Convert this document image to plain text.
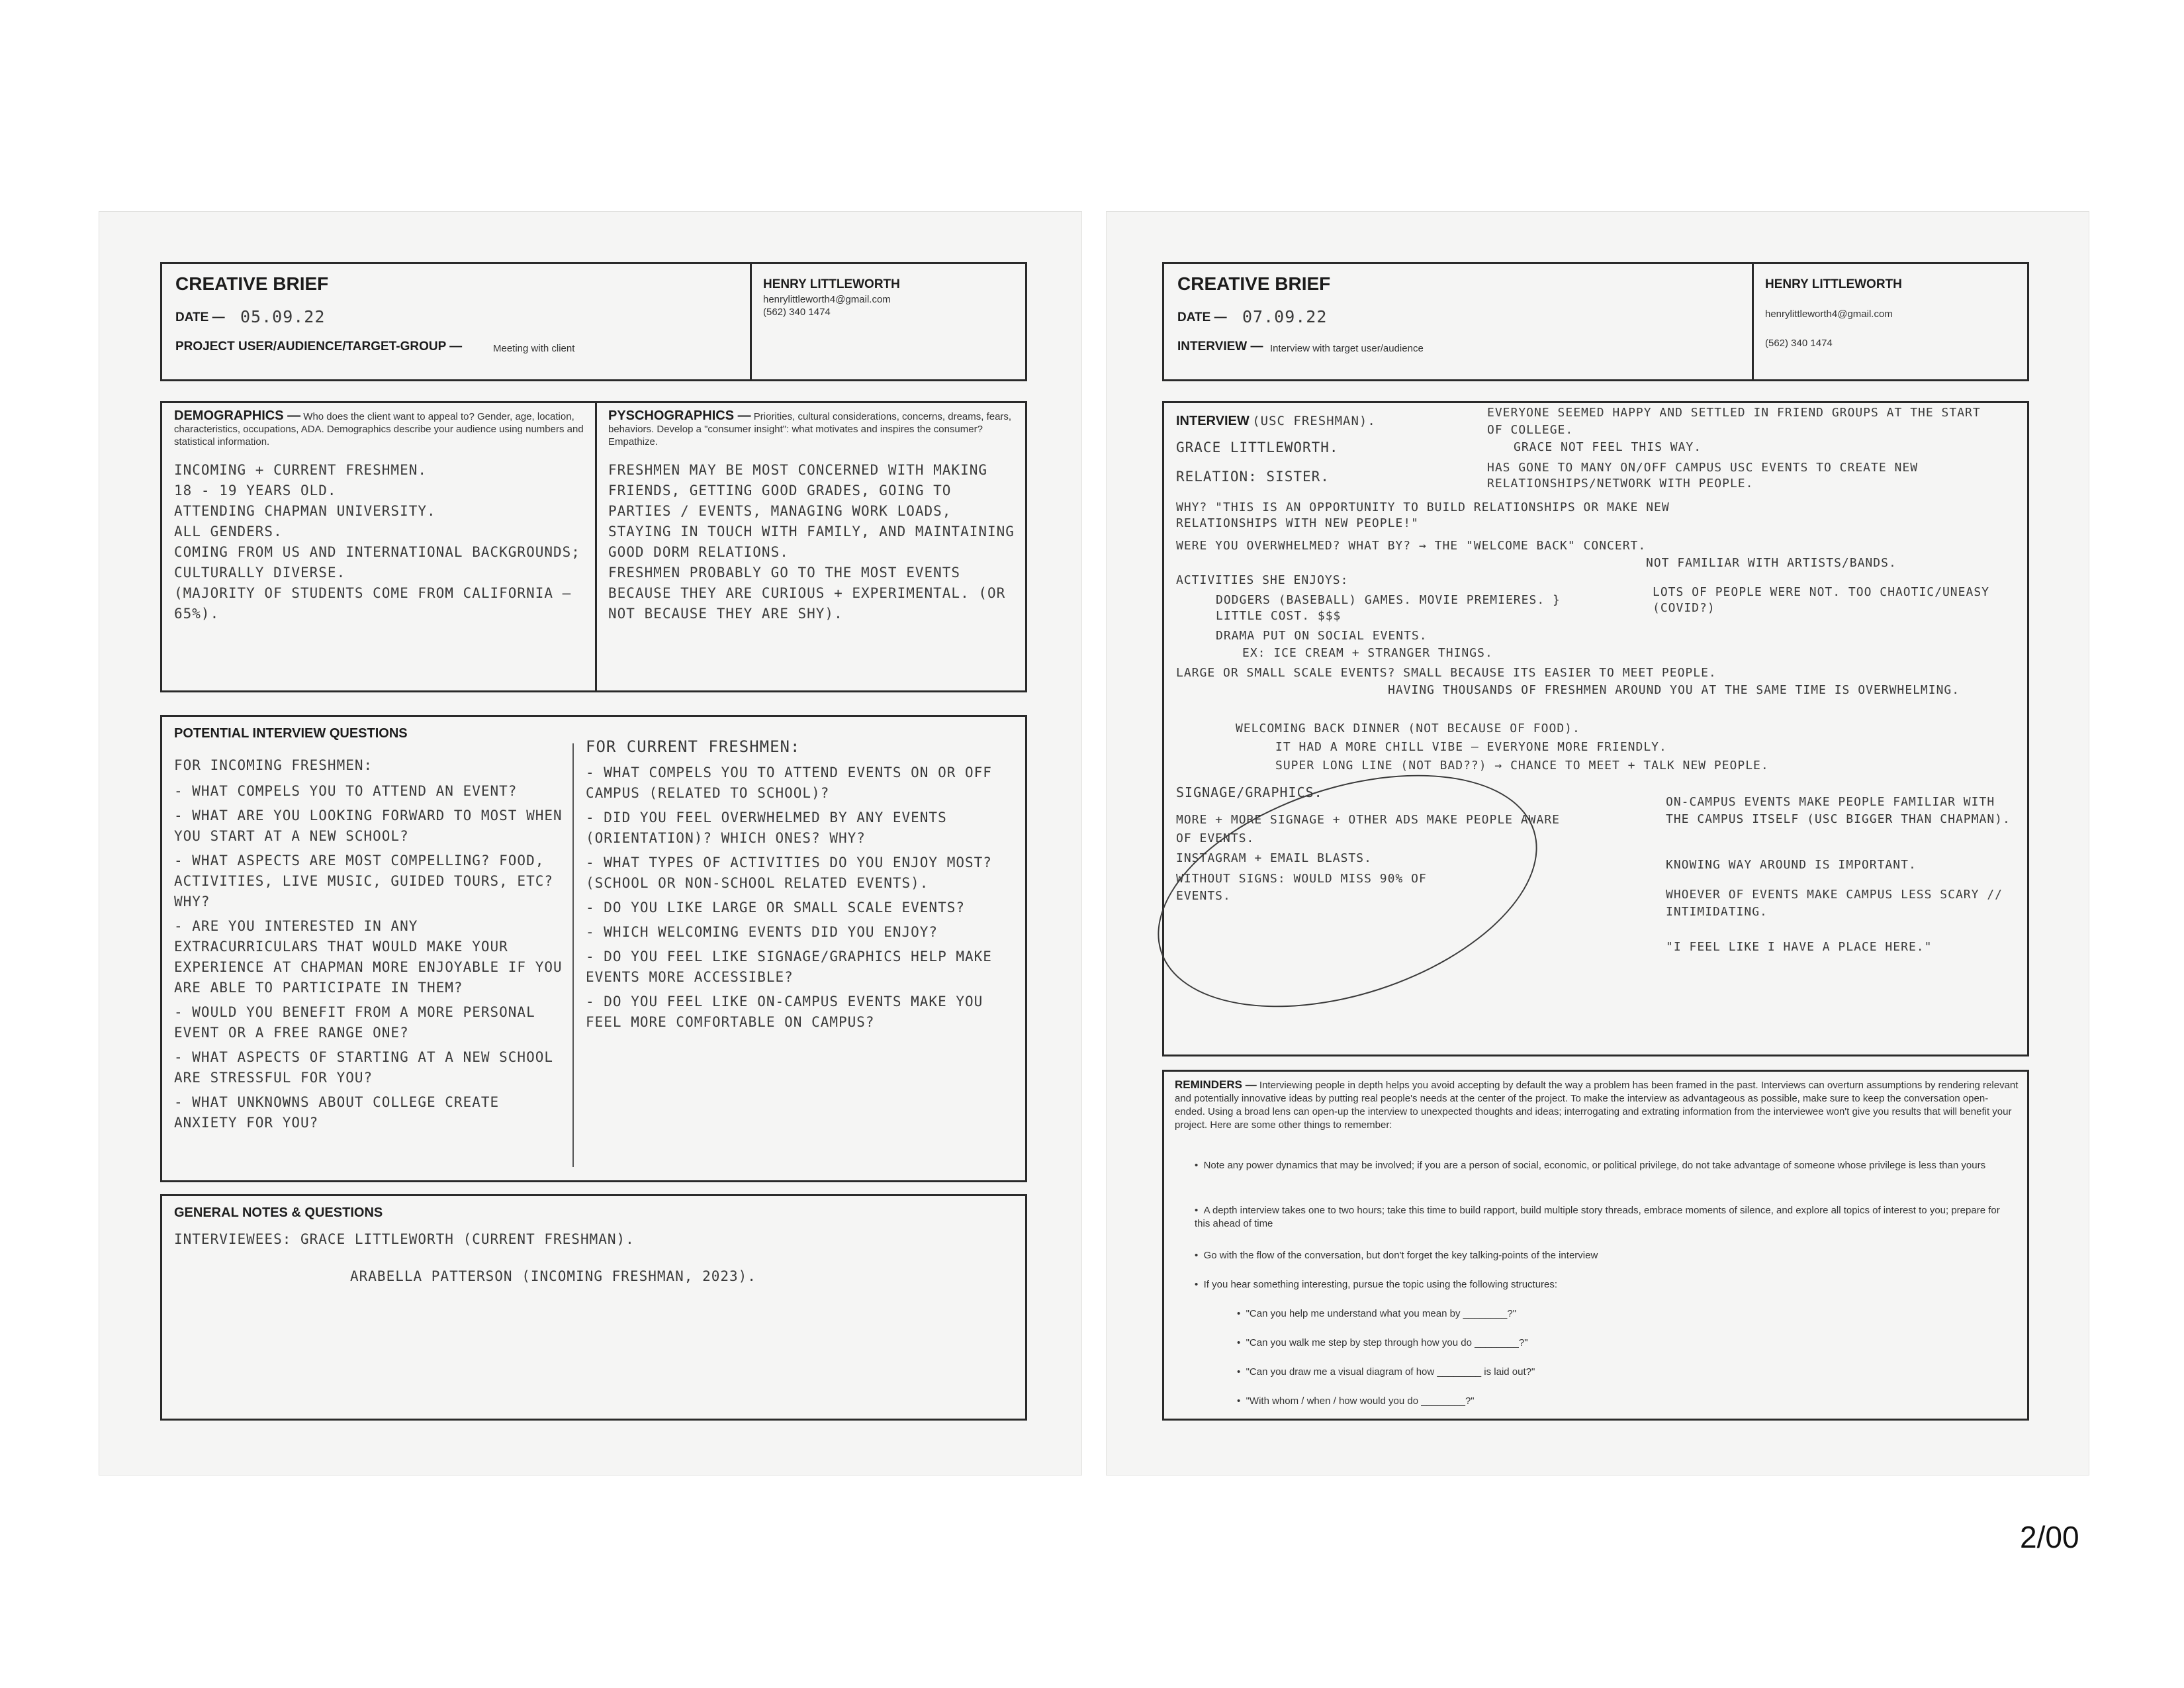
CREATIVE BRIEF
DATE — 05.09.22
PROJECT USER/AUDIENCE/TARGET-GROUP —	Meeting with client
HENRY LITTLEWORTH
henrylittleworth4@gmail.com
(562) 340 1474
DEMOGRAPHICS — Who does the client want to appeal to? Gender, age, location, characteristics, occupations, ADA. Demographics describe your audience using numbers and statistical information.
INCOMING + CURRENT FRESHMEN.
18 - 19 YEARS OLD.
ATTENDING CHAPMAN UNIVERSITY.
ALL GENDERS.
COMING FROM US AND INTERNATIONAL BACKGROUNDS; CULTURALLY DIVERSE.
(MAJORITY OF STUDENTS COME FROM CALIFORNIA — 65%).
PYSCHOGRAPHICS — Priorities, cultural considerations, concerns, dreams, fears, behaviors. Develop a "consumer insight": what motivates and inspires the consumer? Empathize.
FRESHMEN MAY BE MOST CONCERNED WITH MAKING FRIENDS, GETTING GOOD GRADES, GOING TO PARTIES / EVENTS, MANAGING WORK LOADS, STAYING IN TOUCH WITH FAMILY, AND MAINTAINING GOOD DORM RELATIONS.
FRESHMEN PROBABLY GO TO THE MOST EVENTS BECAUSE THEY ARE CURIOUS + EXPERIMENTAL. (OR NOT BECAUSE THEY ARE SHY).
POTENTIAL INTERVIEW QUESTIONS
FOR INCOMING FRESHMEN:
- WHAT COMPELS YOU TO ATTEND AN EVENT?
- WHAT ARE YOU LOOKING FORWARD TO MOST WHEN YOU START AT A NEW SCHOOL?
- WHAT ASPECTS ARE MOST COMPELLING? FOOD, ACTIVITIES, LIVE MUSIC, GUIDED TOURS, ETC? WHY?
- ARE YOU INTERESTED IN ANY EXTRACURRICULARS THAT WOULD MAKE YOUR EXPERIENCE AT CHAPMAN MORE ENJOYABLE IF YOU ARE ABLE TO PARTICIPATE IN THEM?
- WOULD YOU BENEFIT FROM A MORE PERSONAL EVENT OR A FREE RANGE ONE?
- WHAT ASPECTS OF STARTING AT A NEW SCHOOL ARE STRESSFUL FOR YOU?
- WHAT UNKNOWNS ABOUT COLLEGE CREATE ANXIETY FOR YOU?
FOR CURRENT FRESHMEN:
- WHAT COMPELS YOU TO ATTEND EVENTS ON OR OFF CAMPUS (RELATED TO SCHOOL)?
- DID YOU FEEL OVERWHELMED BY ANY EVENTS (ORIENTATION)? WHICH ONES? WHY?
- WHAT TYPES OF ACTIVITIES DO YOU ENJOY MOST? (SCHOOL OR NON-SCHOOL RELATED EVENTS).
- DO YOU LIKE LARGE OR SMALL SCALE EVENTS?
- WHICH WELCOMING EVENTS DID YOU ENJOY?
- DO YOU FEEL LIKE SIGNAGE/GRAPHICS HELP MAKE EVENTS MORE ACCESSIBLE?
- DO YOU FEEL LIKE ON-CAMPUS EVENTS MAKE YOU FEEL MORE COMFORTABLE ON CAMPUS?
GENERAL NOTES & QUESTIONS
INTERVIEWEES: GRACE LITTLEWORTH (CURRENT FRESHMAN).
ARABELLA PATTERSON (INCOMING FRESHMAN, 2023).
CREATIVE BRIEF
DATE — 07.09.22
INTERVIEW — Interview with target user/audience
HENRY LITTLEWORTH
henrylittleworth4@gmail.com
(562) 340 1474
INTERVIEW (USC FRESHMAN).
GRACE LITTLEWORTH.
RELATION: SISTER.
EVERYONE SEEMED HAPPY AND SETTLED IN FRIEND GROUPS AT THE START OF COLLEGE.
GRACE NOT FEEL THIS WAY.
HAS GONE TO MANY ON/OFF CAMPUS USC EVENTS TO CREATE NEW RELATIONSHIPS/NETWORK WITH PEOPLE.
WHY? "THIS IS AN OPPORTUNITY TO BUILD RELATIONSHIPS OR MAKE NEW RELATIONSHIPS WITH NEW PEOPLE!"
WERE YOU OVERWHELMED? WHAT BY? → THE "WELCOME BACK" CONCERT.
NOT FAMILIAR WITH ARTISTS/BANDS.
ACTIVITIES SHE ENJOYS:
DODGERS (BASEBALL) GAMES. MOVIE PREMIERES. } LITTLE COST. $$$
LOTS OF PEOPLE WERE NOT. TOO CHAOTIC/UNEASY (COVID?)
DRAMA PUT ON SOCIAL EVENTS.
EX: ICE CREAM + STRANGER THINGS.
LARGE OR SMALL SCALE EVENTS? SMALL BECAUSE ITS EASIER TO MEET PEOPLE.
HAVING THOUSANDS OF FRESHMEN AROUND YOU AT THE SAME TIME IS OVERWHELMING.
WELCOMING BACK DINNER (NOT BECAUSE OF FOOD).
IT HAD A MORE CHILL VIBE — EVERYONE MORE FRIENDLY.
SUPER LONG LINE (NOT BAD??) → CHANCE TO MEET + TALK NEW PEOPLE.
SIGNAGE/GRAPHICS.
MORE + MORE SIGNAGE + OTHER ADS MAKE PEOPLE AWARE OF EVENTS.
INSTAGRAM + EMAIL BLASTS.
WITHOUT SIGNS: WOULD MISS 90% OF EVENTS.
ON-CAMPUS EVENTS MAKE PEOPLE FAMILIAR WITH THE CAMPUS ITSELF (USC BIGGER THAN CHAPMAN).
KNOWING WAY AROUND IS IMPORTANT.
WHOEVER OF EVENTS MAKE CAMPUS LESS SCARY // INTIMIDATING.
"I FEEL LIKE I HAVE A PLACE HERE."
REMINDERS — Interviewing people in depth helps you avoid accepting by default the way a problem has been framed in the past. Interviews can overturn assumptions by rendering relevant and potentially innovative ideas by putting real people's needs at the center of the project. To make the interview as advantageous as possible, make sure to keep the conversation open-ended. Using a broad lens can open-up the interview to unexpected thoughts and ideas; interrogating and extrating information from the interviewee won't give you results that will benefit your project. Here are some other things to remember:
•  Note any power dynamics that may be involved; if you are a person of social, economic, or political privilege, do not take advantage of someone whose privilege is less than yours
•  A depth interview takes one to two hours; take this time to build rapport, build multiple story threads, embrace moments of silence, and explore all topics of interest to you; prepare for this ahead of time
•  Go with the flow of the conversation, but don't forget the key talking-points of the interview
•  If you hear something interesting, pursue the topic using the following structures:
•  "Can you help me understand what you mean by ________?"
•  "Can you walk me step by step through how you do ________?"
•  "Can you draw me a visual diagram of how ________ is laid out?"
•  "With whom / when / how would you do ________?"
2/00
